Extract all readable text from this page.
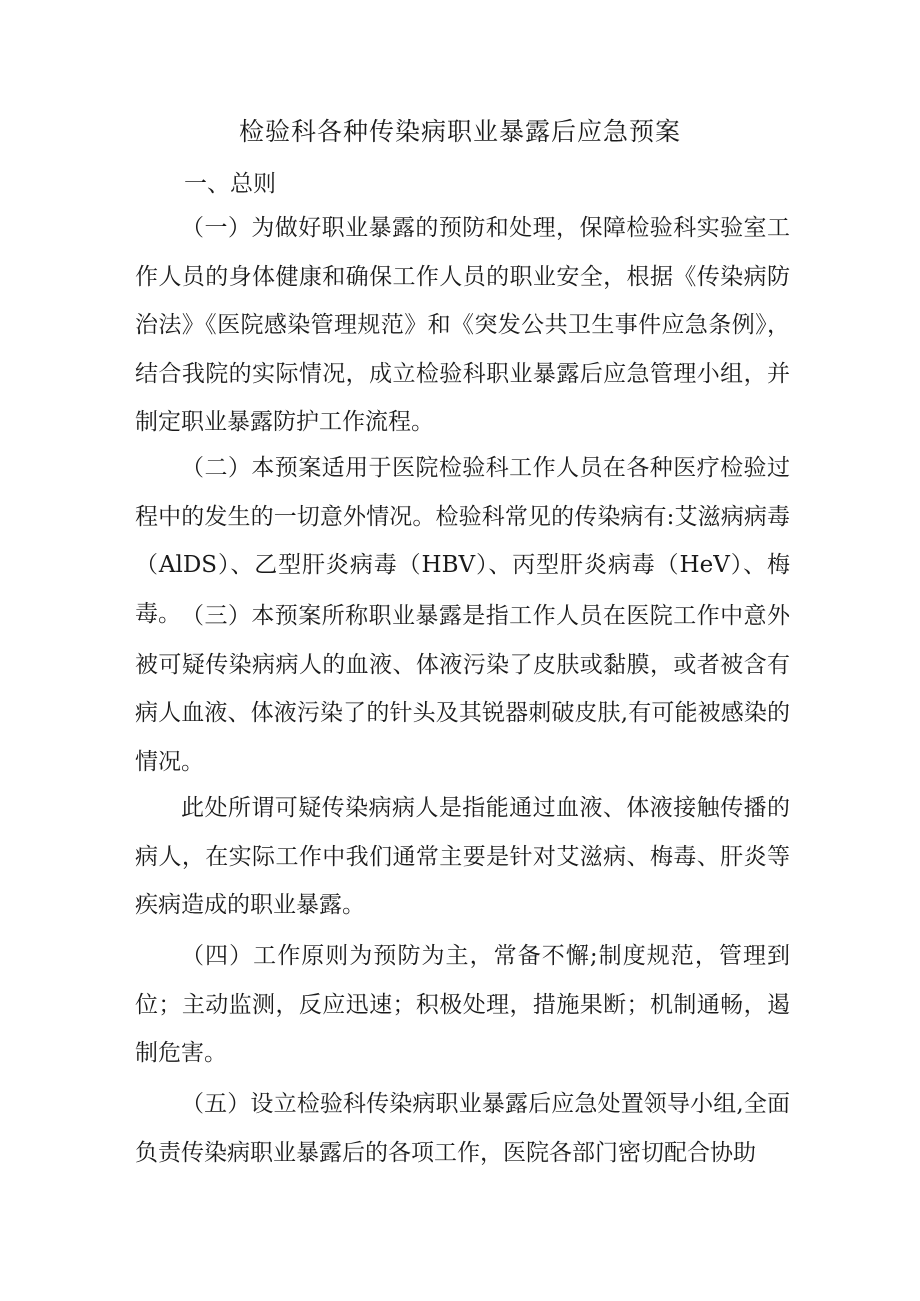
检验科各种传染病职业暴露后应急预案

一、总则

（一）为做好职业暴露的预防和处理，保障检验科实验室工作人员的身体健康和确保工作人员的职业安全，根据《传染病防治法》《医院感染管理规范》和《突发公共卫生事件应急条例》，结合我院的实际情况，成立检验科职业暴露后应急管理小组，并制定职业暴露防护工作流程。

（二）本预案适用于医院检验科工作人员在各种医疗检验过程中的发生的一切意外情况。检验科常见的传染病有:艾滋病病毒（AlDS）、乙型肝炎病毒（HBV）、丙型肝炎病毒（HeV）、梅毒。 （三）本预案所称职业暴露是指工作人员在医院工作中意外被可疑传染病病人的血液、体液污染了皮肤或黏膜，或者被含有病人血液、体液污染了的针头及其锐器刺破皮肤,有可能被感染的情况。

此处所谓可疑传染病病人是指能通过血液、体液接触传播的病人，在实际工作中我们通常主要是针对艾滋病、梅毒、肝炎等疾病造成的职业暴露。

（四）工作原则为预防为主，常备不懈;制度规范，管理到位；主动监测，反应迅速；积极处理，措施果断；机制通畅，遏制危害。

（五）设立检验科传染病职业暴露后应急处置领导小组,全面负责传染病职业暴露后的各项工作，医院各部门密切配合协助
